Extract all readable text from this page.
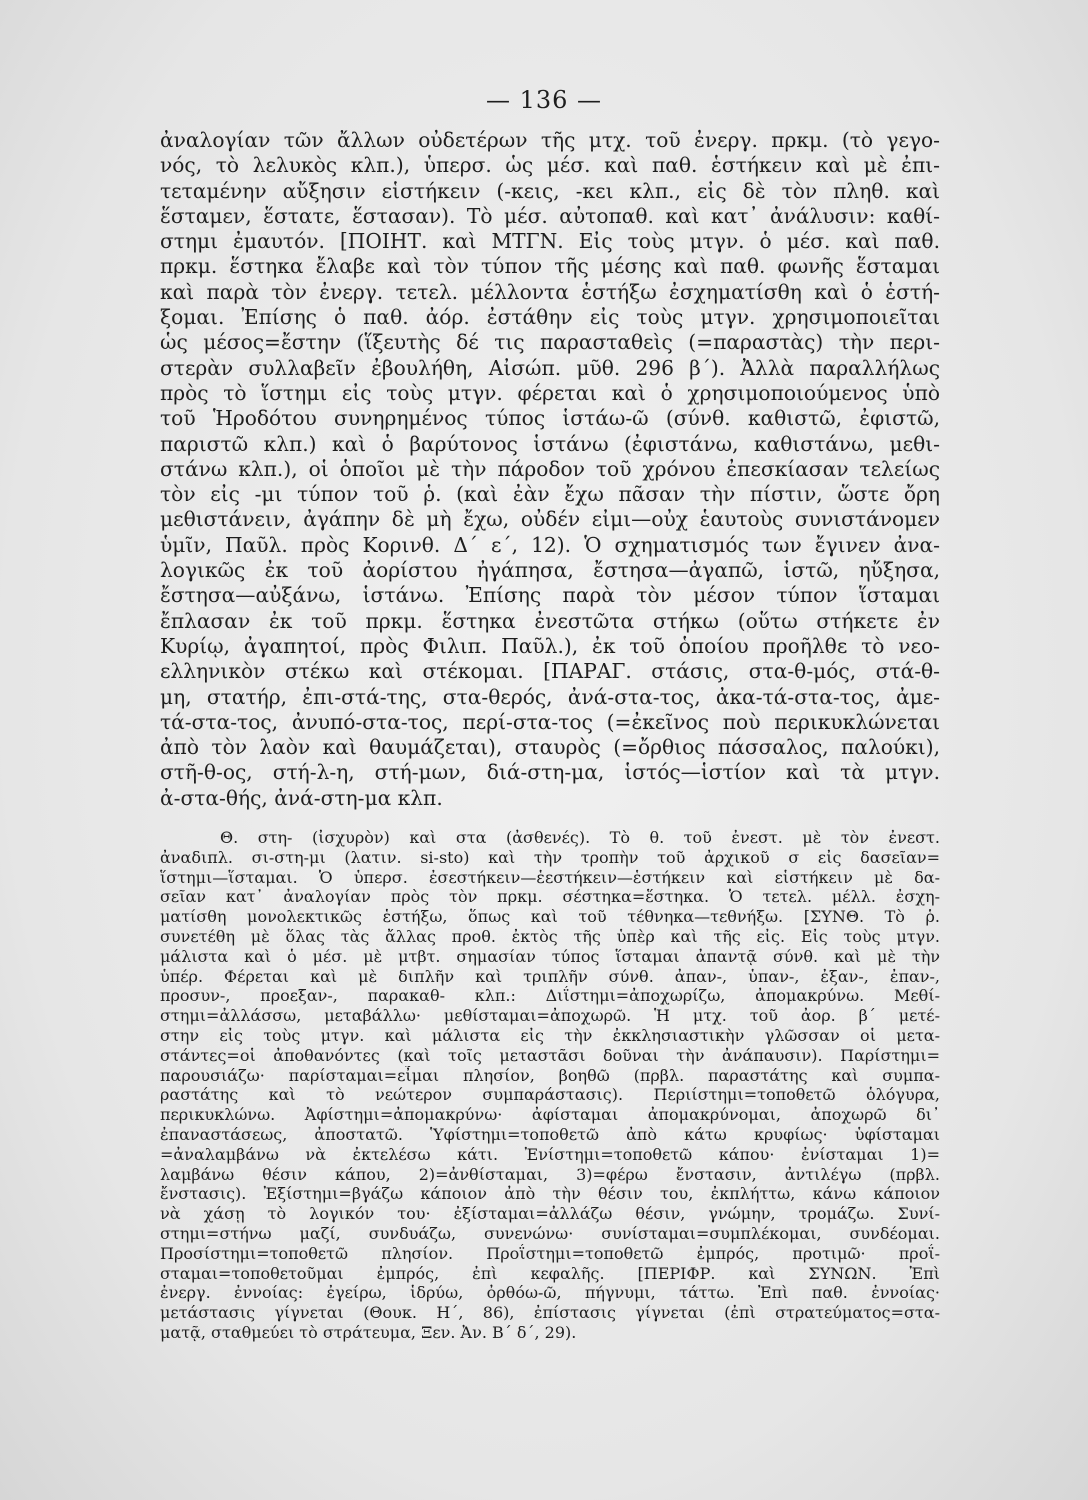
— 136 —
ἀναλογίαν τῶν ἄλλων οὐδετέρων τῆς μτχ. τοῦ ἐνεργ. πρκμ. (τὸ γεγο-
νός, τὸ λελυκὸς κλπ.), ὑπερσ. ὡς μέσ. καὶ παθ. ἑστήκειν καὶ μὲ ἐπι-
τεταμένην αὔξησιν εἱστήκειν (-κεις, -κει κλπ., εἰς δὲ τὸν πληθ. καὶ
ἕσταμεν, ἕστατε, ἕστασαν). Τὸ μέσ. αὐτοπαθ. καὶ κατ᾽ ἀνάλυσιν: καθί-
στημι ἐμαυτόν. [ΠΟΙΗΤ. καὶ ΜΤΓΝ. Εἰς τοὺς μτγν. ὁ μέσ. καὶ παθ.
πρκμ. ἕστηκα ἔλαβε καὶ τὸν τύπον τῆς μέσης καὶ παθ. φωνῆς ἕσταμαι
καὶ παρὰ τὸν ἐνεργ. τετελ. μέλλοντα ἑστήξω ἐσχηματίσθη καὶ ὁ ἑστή-
ξομαι. Ἐπίσης ὁ παθ. ἀόρ. ἐστάθην εἰς τοὺς μτγν. χρησιμοποιεῖται
ὡς μέσος=ἔστην (ἵξευτὴς δέ τις παρασταθεὶς (=παραστὰς) τὴν περι-
στερὰν συλλαβεῖν ἐβουλήθη, Αἰσώπ. μῦθ. 296 β΄). Ἀλλὰ παραλλήλως
πρὸς τὸ ἵστημι εἰς τοὺς μτγν. φέρεται καὶ ὁ χρησιμοποιούμενος ὑπὸ
τοῦ Ἡροδότου συνηρημένος τύπος ἱστάω-ῶ (σύνθ. καθιστῶ, ἐφιστῶ,
παριστῶ κλπ.) καὶ ὁ βαρύτονος ἱστάνω (ἐφιστάνω, καθιστάνω, μεθι-
στάνω κλπ.), οἱ ὁποῖοι μὲ τὴν πάροδον τοῦ χρόνου ἐπεσκίασαν τελείως
τὸν εἰς -μι τύπον τοῦ ῥ. (καὶ ἐὰν ἔχω πᾶσαν τὴν πίστιν, ὥστε ὄρη
μεθιστάνειν, ἀγάπην δὲ μὴ ἔχω, οὐδέν εἰμι—οὐχ ἑαυτοὺς συνιστάνομεν
ὑμῖν, Παῦλ. πρὸς Κορινθ. Δ΄ ε΄, 12). Ὁ σχηματισμός των ἔγινεν ἀνα-
λογικῶς ἐκ τοῦ ἀορίστου ἠγάπησα, ἔστησα—ἀγαπῶ, ἱστῶ, ηὔξησα,
ἔστησα—αὐξάνω, ἱστάνω. Ἐπίσης παρὰ τὸν μέσον τύπον ἵσταμαι
ἔπλασαν ἐκ τοῦ πρκμ. ἕστηκα ἐνεστῶτα στήκω (οὕτω στήκετε ἐν
Κυρίῳ, ἀγαπητοί, πρὸς Φιλιπ. Παῦλ.), ἐκ τοῦ ὁποίου προῆλθε τὸ νεο-
ελληνικὸν στέκω καὶ στέκομαι. [ΠΑΡΑΓ. στάσις, στα-θ-μός, στά-θ-
μη, στατήρ, ἐπι-στά-της, στα-θερός, ἀνά-στα-τος, ἀκα-τά-στα-τος, ἀμε-
τά-στα-τος, ἀνυπό-στα-τος, περί-στα-τος (=ἐκεῖνος ποὺ περικυκλώνεται
ἀπὸ τὸν λαὸν καὶ θαυμάζεται), σταυρὸς (=ὄρθιος πάσσαλος, παλούκι),
στῆ-θ-ος, στή-λ-η, στή-μων, διά-στη-μα, ἱστός—ἱστίον καὶ τὰ μτγν.
ἀ-στα-θής, ἀνά-στη-μα κλπ.
Θ. στη- (ἰσχυρὸν) καὶ στα (ἀσθενές). Τὸ θ. τοῦ ἐνεστ. μὲ τὸν ἐνεστ.
ἀναδιπλ. σι-στη-μι (λατιν. si-sto) καὶ τὴν τροπὴν τοῦ ἀρχικοῦ σ εἰς δασεῖαν=
ἵστημι—ἵσταμαι. Ὁ ὑπερσ. ἐσεστήκειν—ἑεστήκειν—ἑστήκειν καὶ εἱστήκειν μὲ δα-
σεῖαν κατ᾽ ἀναλογίαν πρὸς τὸν πρκμ. σέστηκα=ἕστηκα. Ὁ τετελ. μέλλ. ἐσχη-
ματίσθη μονολεκτικῶς ἑστήξω, ὅπως καὶ τοῦ τέθνηκα—τεθνήξω. [ΣΥΝΘ. Τὸ ῥ.
συνετέθη μὲ ὅλας τὰς ἄλλας προθ. ἐκτὸς τῆς ὑπὲρ καὶ τῆς εἰς. Εἰς τοὺς μτγν.
μάλιστα καὶ ὁ μέσ. μὲ μτβτ. σημασίαν τύπος ἵσταμαι ἀπαντᾷ σύνθ. καὶ μὲ τὴν
ὑπέρ. Φέρεται καὶ μὲ διπλῆν καὶ τριπλῆν σύνθ. ἀπαν-, ὑπαν-, ἐξαν-, ἐπαν-,
προσυν-, προεξαν-, παρακαθ- κλπ.: Διΐστημι=ἀποχωρίζω, ἀπομακρύνω. Μεθί-
στημι=ἀλλάσσω, μεταβάλλω· μεθίσταμαι=ἀποχωρῶ. Ἡ μτχ. τοῦ ἀορ. β΄ μετέ-
στην εἰς τοὺς μτγν. καὶ μάλιστα εἰς τὴν ἐκκλησιαστικὴν γλῶσσαν οἱ μετα-
στάντες=οἱ ἀποθανόντες (καὶ τοῖς μεταστᾶσι δοῦναι τὴν ἀνάπαυσιν). Παρίστημι=
παρουσιάζω· παρίσταμαι=εἶμαι πλησίον, βοηθῶ (πρβλ. παραστάτης καὶ συμπα-
ραστάτης καὶ τὸ νεώτερον συμπαράστασις). Περιίστημι=τοποθετῶ ὁλόγυρα,
περικυκλώνω. Ἀφίστημι=ἀπομακρύνω· ἀφίσταμαι ἀπομακρύνομαι, ἀποχωρῶ δι᾽
ἐπαναστάσεως, ἀποστατῶ. Ὑφίστημι=τοποθετῶ ἀπὸ κάτω κρυφίως· ὑφίσταμαι
=ἀναλαμβάνω νὰ ἐκτελέσω κάτι. Ἐνίστημι=τοποθετῶ κάπου· ἐνίσταμαι 1)=
λαμβάνω θέσιν κάπου, 2)=ἀνθίσταμαι, 3)=φέρω ἔνστασιν, ἀντιλέγω (πρβλ.
ἔνστασις). Ἐξίστημι=βγάζω κάποιον ἀπὸ τὴν θέσιν του, ἐκπλήττω, κάνω κάποιον
νὰ χάσῃ τὸ λογικόν του· ἐξίσταμαι=ἀλλάζω θέσιν, γνώμην, τρομάζω. Συνί-
στημι=στήνω μαζί, συνδυάζω, συνενώνω· συνίσταμαι=συμπλέκομαι, συνδέομαι.
Προσίστημι=τοποθετῶ πλησίον. Προΐστημι=τοποθετῶ ἐμπρός, προτιμῶ· προΐ-
σταμαι=τοποθετοῦμαι ἐμπρός, ἐπὶ κεφαλῆς. [ΠΕΡΙΦΡ. καὶ ΣΥΝΩΝ. Ἐπὶ
ἐνεργ. ἐννοίας: ἐγείρω, ἱδρύω, ὀρθόω-ῶ, πήγνυμι, τάττω. Ἐπὶ παθ. ἐννοίας·
μετάστασις γίγνεται (Θουκ. Η΄, 86), ἐπίστασις γίγνεται (ἐπὶ στρατεύματος=στα-
ματᾷ, σταθμεύει τὸ στράτευμα, Ξεν. Ἀν. Β΄ δ΄, 29).
